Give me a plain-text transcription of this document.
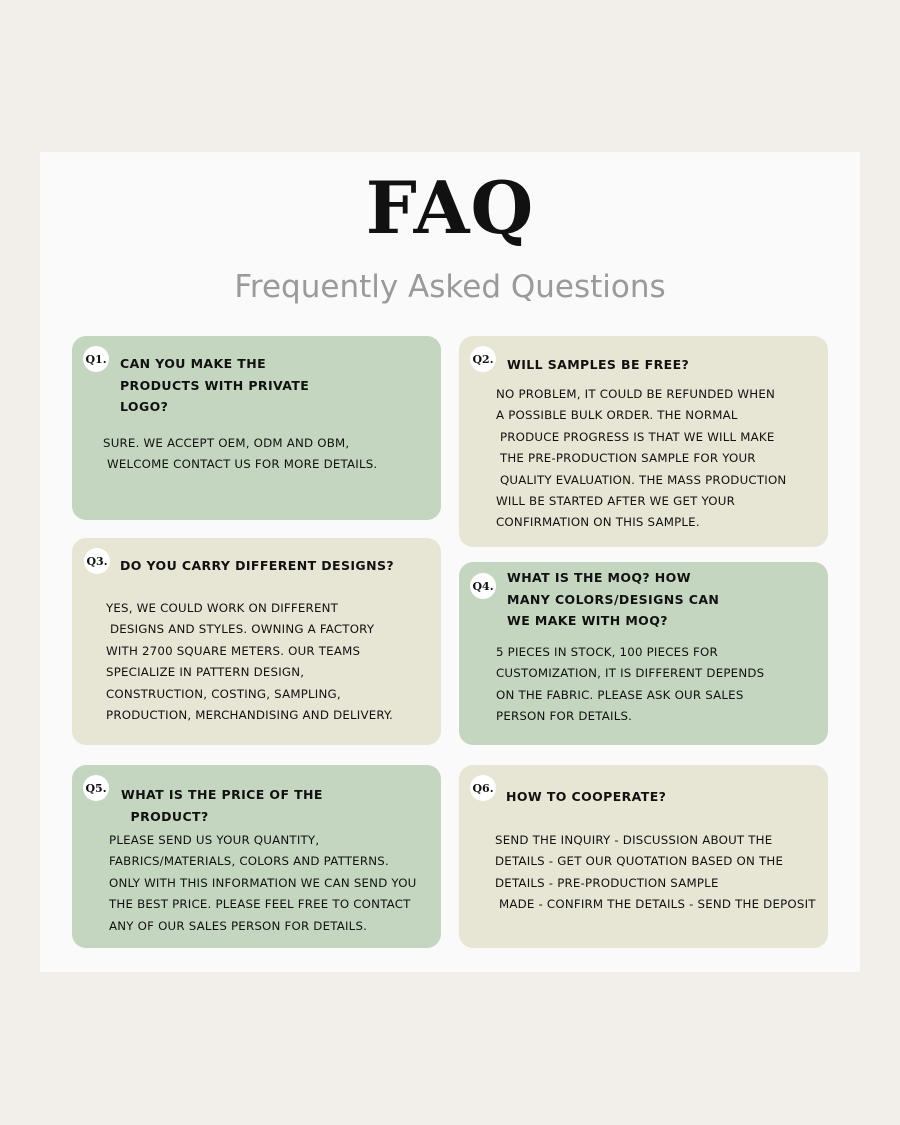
FAQ
Frequently Asked Questions
Q1. CAN YOU MAKE THE
PRODUCTS WITH PRIVATE
LOGO?
SURE. WE ACCEPT OEM, ODM AND OBM,
WELCOME CONTACT US FOR MORE DETAILS.
Q2. WILL SAMPLES BE FREE?
NO PROBLEM, IT COULD BE REFUNDED WHEN
A POSSIBLE BULK ORDER. THE NORMAL
PRODUCE PROGRESS IS THAT WE WILL MAKE
THE PRE-PRODUCTION SAMPLE FOR YOUR
QUALITY EVALUATION. THE MASS PRODUCTION
WILL BE STARTED AFTER WE GET YOUR
CONFIRMATION ON THIS SAMPLE.
Q3. DO YOU CARRY DIFFERENT DESIGNS?
YES, WE COULD WORK ON DIFFERENT
DESIGNS AND STYLES. OWNING A FACTORY
WITH 2700 SQUARE METERS. OUR TEAMS
SPECIALIZE IN PATTERN DESIGN,
CONSTRUCTION, COSTING, SAMPLING,
PRODUCTION, MERCHANDISING AND DELIVERY.
Q4.
WHAT IS THE MOQ? HOW
MANY COLORS/DESIGNS CAN
WE MAKE WITH MOQ?
5 PIECES IN STOCK, 100 PIECES FOR
CUSTOMIZATION, IT IS DIFFERENT DEPENDS
ON THE FABRIC. PLEASE ASK OUR SALES
PERSON FOR DETAILS.
Q5. WHAT IS THE PRICE OF THE
PRODUCT?
PLEASE SEND US YOUR QUANTITY,
FABRICS/MATERIALS, COLORS AND PATTERNS.
ONLY WITH THIS INFORMATION WE CAN SEND YOU
THE BEST PRICE. PLEASE FEEL FREE TO CONTACT
ANY OF OUR SALES PERSON FOR DETAILS.
Q6.
HOW TO COOPERATE?
SEND THE INQUIRY - DISCUSSION ABOUT THE
DETAILS - GET OUR QUOTATION BASED ON THE
DETAILS - PRE-PRODUCTION SAMPLE
MADE - CONFIRM THE DETAILS - SEND THE DEPOSIT
